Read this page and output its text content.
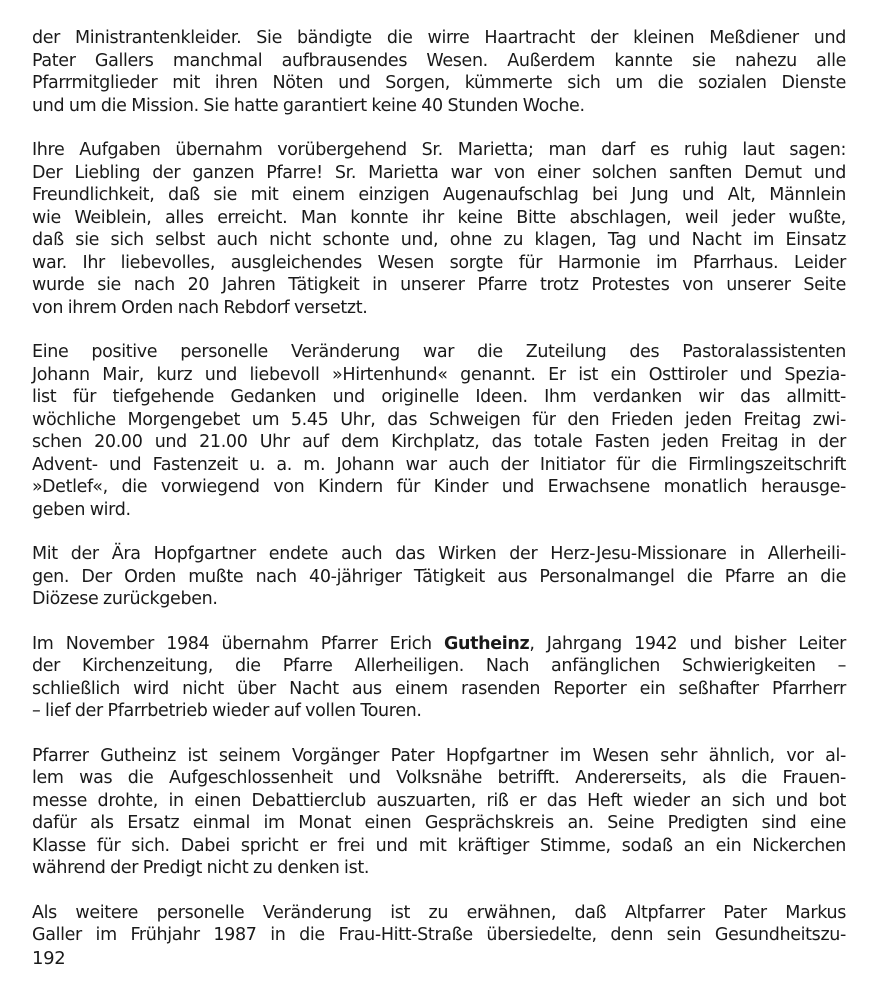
der Ministrantenkleider. Sie bändigte die wirre Haartracht der kleinen Meßdiener und
Pater Gallers manchmal aufbrausendes Wesen. Außerdem kannte sie nahezu alle
Pfarrmitglieder mit ihren Nöten und Sorgen, kümmerte sich um die sozialen Dienste
und um die Mission. Sie hatte garantiert keine 40 Stunden Woche.

Ihre Aufgaben übernahm vorübergehend Sr. Marietta; man darf es ruhig laut sagen:
Der Liebling der ganzen Pfarre! Sr. Marietta war von einer solchen sanften Demut und
Freundlichkeit, daß sie mit einem einzigen Augenaufschlag bei Jung und Alt, Männlein
wie Weiblein, alles erreicht. Man konnte ihr keine Bitte abschlagen, weil jeder wußte,
daß sie sich selbst auch nicht schonte und, ohne zu klagen, Tag und Nacht im Einsatz
war. Ihr liebevolles, ausgleichendes Wesen sorgte für Harmonie im Pfarrhaus. Leider
wurde sie nach 20 Jahren Tätigkeit in unserer Pfarre trotz Protestes von unserer Seite
von ihrem Orden nach Rebdorf versetzt.

Eine positive personelle Veränderung war die Zuteilung des Pastoralassistenten
Johann Mair, kurz und liebevoll »Hirtenhund« genannt. Er ist ein Osttiroler und Spezia-
list für tiefgehende Gedanken und originelle Ideen. Ihm verdanken wir das allmitt-
wöchliche Morgengebet um 5.45 Uhr, das Schweigen für den Frieden jeden Freitag zwi-
schen 20.00 und 21.00 Uhr auf dem Kirchplatz, das totale Fasten jeden Freitag in der
Advent- und Fastenzeit u. a. m. Johann war auch der Initiator für die Firmlingszeitschrift
»Detlef«, die vorwiegend von Kindern für Kinder und Erwachsene monatlich herausge-
geben wird.

Mit der Ära Hopfgartner endete auch das Wirken der Herz-Jesu-Missionare in Allerheili-
gen. Der Orden mußte nach 40-jähriger Tätigkeit aus Personalmangel die Pfarre an die
Diözese zurückgeben.

Im November 1984 übernahm Pfarrer Erich Gutheinz, Jahrgang 1942 und bisher Leiter
der Kirchenzeitung, die Pfarre Allerheiligen. Nach anfänglichen Schwierigkeiten –
schließlich wird nicht über Nacht aus einem rasenden Reporter ein seßhafter Pfarrherr
– lief der Pfarrbetrieb wieder auf vollen Touren.

Pfarrer Gutheinz ist seinem Vorgänger Pater Hopfgartner im Wesen sehr ähnlich, vor al-
lem was die Aufgeschlossenheit und Volksnähe betrifft. Andererseits, als die Frauen-
messe drohte, in einen Debattierclub auszuarten, riß er das Heft wieder an sich und bot
dafür als Ersatz einmal im Monat einen Gesprächskreis an. Seine Predigten sind eine
Klasse für sich. Dabei spricht er frei und mit kräftiger Stimme, sodaß an ein Nickerchen
während der Predigt nicht zu denken ist.

Als weitere personelle Veränderung ist zu erwähnen, daß Altpfarrer Pater Markus
Galler im Frühjahr 1987 in die Frau-Hitt-Straße übersiedelte, denn sein Gesundheitszu-

192
